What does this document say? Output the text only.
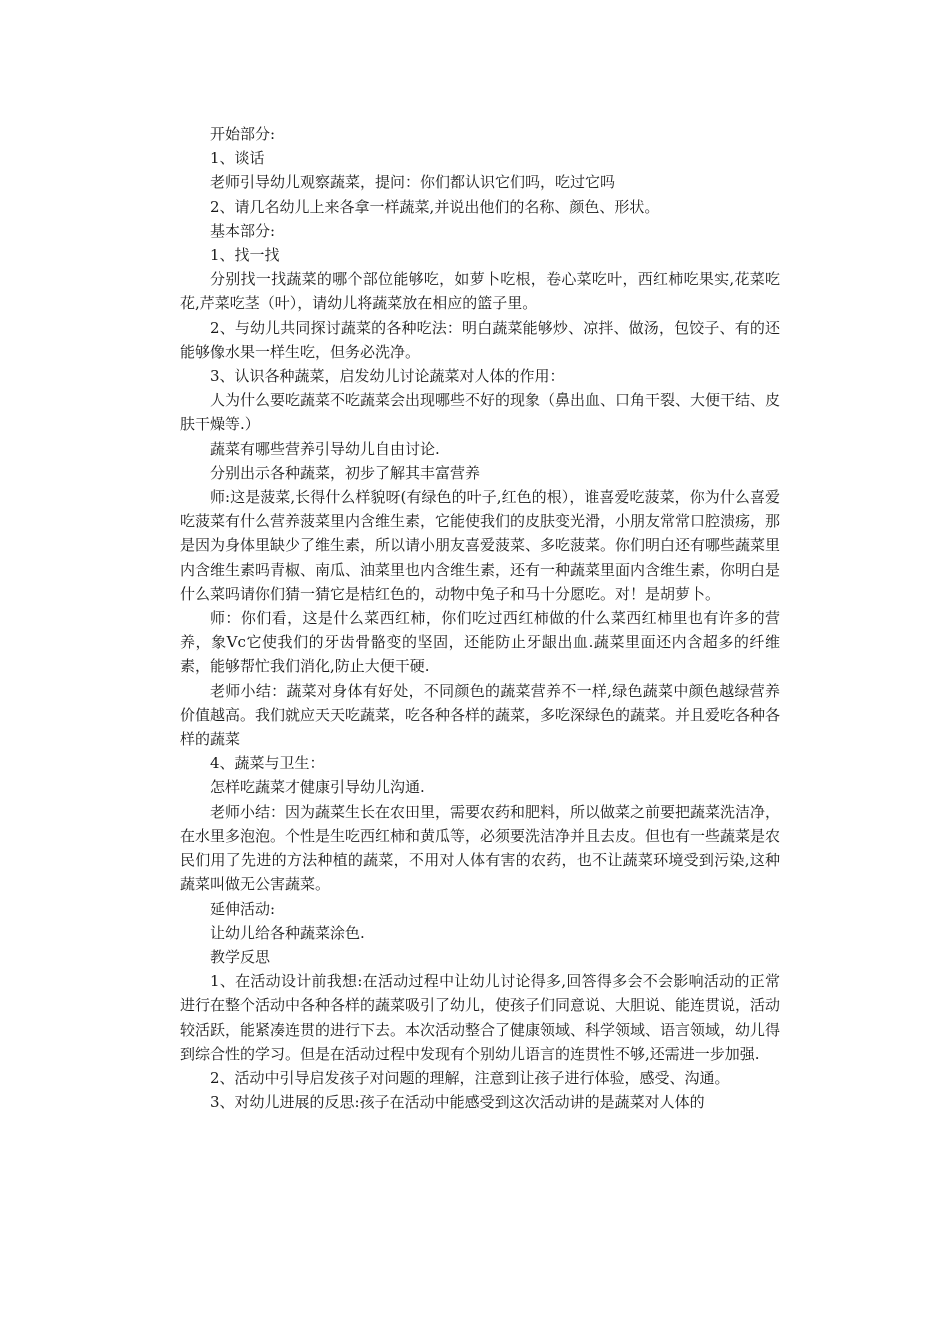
开始部分:

1、谈话

老师引导幼儿观察蔬菜，提问：你们都认识它们吗，吃过它吗

2、请几名幼儿上来各拿一样蔬菜,并说出他们的名称、颜色、形状。

基本部分:

1、找一找

分别找一找蔬菜的哪个部位能够吃，如萝卜吃根，卷心菜吃叶，西红柿吃果实,花菜吃花,芹菜吃茎（叶），请幼儿将蔬菜放在相应的篮子里。

2、与幼儿共同探讨蔬菜的各种吃法：明白蔬菜能够炒、凉拌、做汤，包饺子、有的还能够像水果一样生吃，但务必洗净。

3、认识各种蔬菜，启发幼儿讨论蔬菜对人体的作用：

人为什么要吃蔬菜不吃蔬菜会出现哪些不好的现象（鼻出血、口角干裂、大便干结、皮肤干燥等.）

蔬菜有哪些营养引导幼儿自由讨论.

分别出示各种蔬菜，初步了解其丰富营养

师:这是菠菜,长得什么样貌呀(有绿色的叶子,红色的根），谁喜爱吃菠菜，你为什么喜爱吃菠菜有什么营养菠菜里内含维生素，它能使我们的皮肤变光滑，小朋友常常口腔溃疡，那是因为身体里缺少了维生素，所以请小朋友喜爱菠菜、多吃菠菜。你们明白还有哪些蔬菜里内含维生素吗青椒、南瓜、油菜里也内含维生素，还有一种蔬菜里面内含维生素，你明白是什么菜吗请你们猜一猜它是桔红色的，动物中兔子和马十分愿吃。对！是胡萝卜。

师：你们看，这是什么菜西红柿，你们吃过西红柿做的什么菜西红柿里也有许多的营养，象Vc它使我们的牙齿骨骼变的坚固，还能防止牙龈出血.蔬菜里面还内含超多的纤维素，能够帮忙我们消化,防止大便干硬.

老师小结：蔬菜对身体有好处，不同颜色的蔬菜营养不一样,绿色蔬菜中颜色越绿营养价值越高。我们就应天天吃蔬菜，吃各种各样的蔬菜，多吃深绿色的蔬菜。并且爱吃各种各样的蔬菜

4、蔬菜与卫生：

怎样吃蔬菜才健康引导幼儿沟通.

老师小结：因为蔬菜生长在农田里，需要农药和肥料，所以做菜之前要把蔬菜洗洁净，在水里多泡泡。个性是生吃西红柿和黄瓜等，必须要洗洁净并且去皮。但也有一些蔬菜是农民们用了先进的方法种植的蔬菜，不用对人体有害的农药，也不让蔬菜环境受到污染,这种蔬菜叫做无公害蔬菜。

延伸活动:

让幼儿给各种蔬菜涂色.

教学反思

1、在活动设计前我想:在活动过程中让幼儿讨论得多,回答得多会不会影响活动的正常进行在整个活动中各种各样的蔬菜吸引了幼儿，使孩子们同意说、大胆说、能连贯说，活动较活跃，能紧凑连贯的进行下去。本次活动整合了健康领域、科学领域、语言领域，幼儿得到综合性的学习。但是在活动过程中发现有个别幼儿语言的连贯性不够,还需进一步加强.

2、活动中引导启发孩子对问题的理解，注意到让孩子进行体验，感受、沟通。

3、对幼儿进展的反思:孩子在活动中能感受到这次活动讲的是蔬菜对人体的
